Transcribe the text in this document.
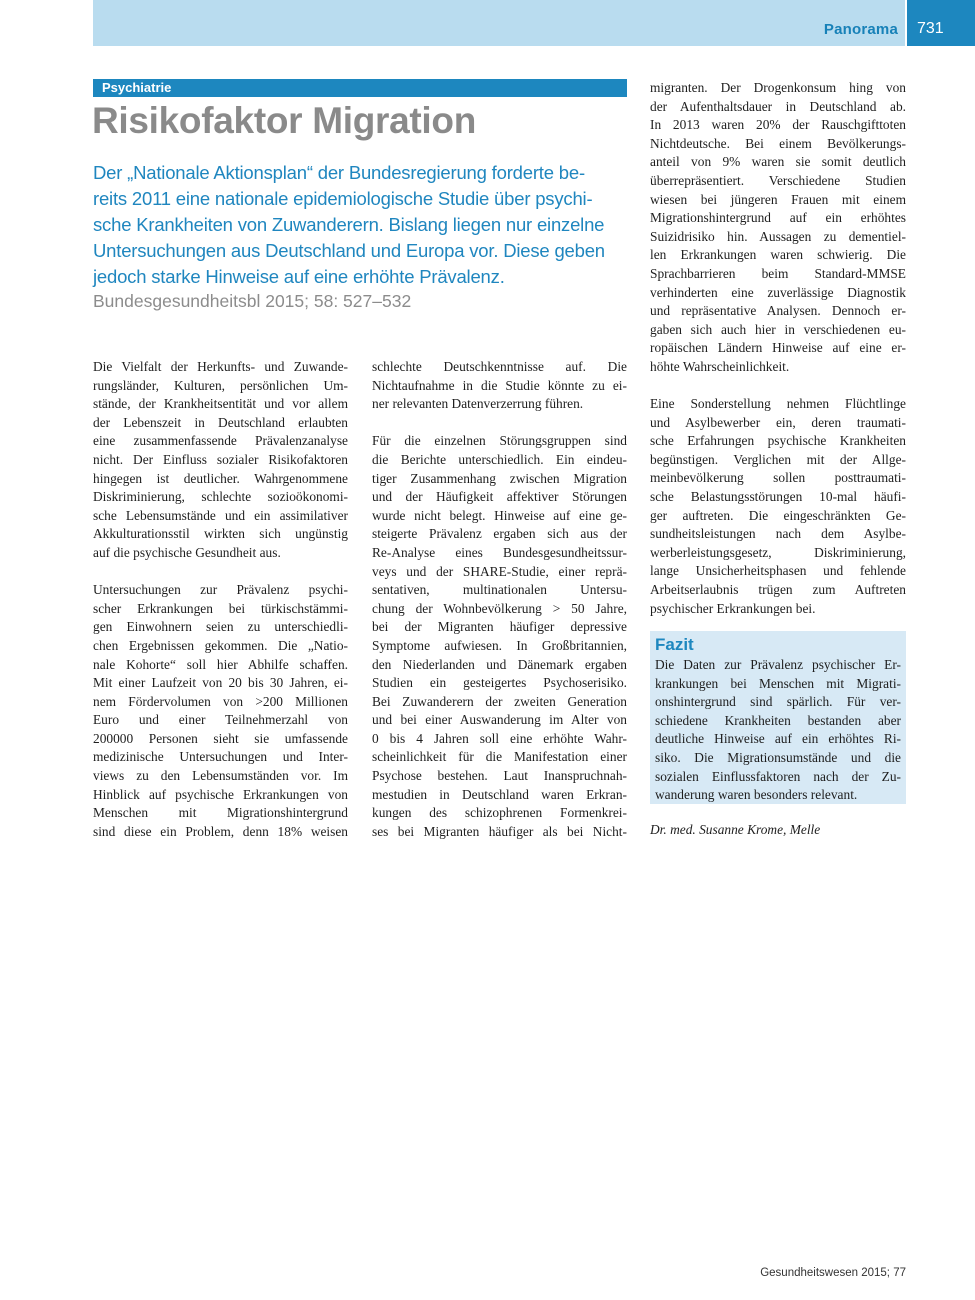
Panorama	731
Psychiatrie
Risikofaktor Migration

Der „Nationale Aktionsplan“ der Bundesregierung forderte be-

reits 2011 eine nationale epidemiologische Studie über psychi-

sche Krankheiten von Zuwanderern. Bislang liegen nur einzelne

Untersuchungen aus Deutschland und Europa vor. Diese geben

jedoch starke Hinweise auf eine erhöhte Prävalenz.

Bundesgesundheitsbl 2015; 58: 527–532

Die Vielfalt der Herkunfts- und Zuwande-
rungsländer, Kulturen, persönlichen Um-
stände, der Krankheitsentität und vor allem
der Lebenszeit in Deutschland erlaubten
eine zusammenfassende Prävalenzanalyse
nicht. Der Einfluss sozialer Risikofaktoren
hingegen ist deutlicher. Wahrgenommene
Diskriminierung, schlechte sozioökonomi-
sche Lebensumstände und ein assimilativer
Akkulturationsstil wirkten sich ungünstig
auf die psychische Gesundheit aus.

Untersuchungen zur Prävalenz psychi-
scher Erkrankungen bei türkischstämmi-
gen Einwohnern seien zu unterschiedli-
chen Ergebnissen gekommen. Die „Natio-
nale Kohorte“ soll hier Abhilfe schaffen.
Mit einer Laufzeit von 20 bis 30 Jahren, ei-
nem Fördervolumen von >200 Millionen
Euro und einer Teilnehmerzahl von
200000 Personen sieht sie umfassende
medizinische Untersuchungen und Inter-
views zu den Lebensumständen vor. Im
Hinblick auf psychische Erkrankungen von
Menschen mit Migrationshintergrund
sind diese ein Problem, denn 18% weisen

schlechte Deutschkenntnisse auf. Die
Nichtaufnahme in die Studie könnte zu ei-
ner relevanten Datenverzerrung führen.

Für die einzelnen Störungsgruppen sind
die Berichte unterschiedlich. Ein eindeu-
tiger Zusammenhang zwischen Migration
und der Häufigkeit affektiver Störungen
wurde nicht belegt. Hinweise auf eine ge-
steigerte Prävalenz ergaben sich aus der
Re-Analyse eines Bundesgesundheitssur-
veys und der SHARE-Studie, einer reprä-
sentativen, multinationalen Untersu-
chung der Wohnbevölkerung > 50 Jahre,
bei der Migranten häufiger depressive
Symptome aufwiesen. In Großbritannien,
den Niederlanden und Dänemark ergaben
Studien ein gesteigertes Psychoserisiko.
Bei Zuwanderern der zweiten Generation
und bei einer Auswanderung im Alter von
0 bis 4 Jahren soll eine erhöhte Wahr-
scheinlichkeit für die Manifestation einer
Psychose bestehen. Laut Inanspruchnah-
mestudien in Deutschland waren Erkran-
kungen des schizophrenen Formenkrei-
ses bei Migranten häufiger als bei Nicht-

migranten. Der Drogenkonsum hing von
der Aufenthaltsdauer in Deutschland ab.
In 2013 waren 20% der Rauschgifttoten
Nichtdeutsche. Bei einem Bevölkerungs-
anteil von 9% waren sie somit deutlich
überrepräsentiert. Verschiedene Studien
wiesen bei jüngeren Frauen mit einem
Migrationshintergrund auf ein erhöhtes
Suizidrisiko hin. Aussagen zu dementiel-
len Erkrankungen waren schwierig. Die
Sprachbarrieren beim Standard-MMSE
verhinderten eine zuverlässige Diagnostik
und repräsentative Analysen. Dennoch er-
gaben sich auch hier in verschiedenen eu-
ropäischen Ländern Hinweise auf eine er-
höhte Wahrscheinlichkeit.

Eine Sonderstellung nehmen Flüchtlinge
und Asylbewerber ein, deren traumati-
sche Erfahrungen psychische Krankheiten
begünstigen. Verglichen mit der Allge-
meinbevölkerung sollen posttraumati-
sche Belastungsstörungen 10-mal häufi-
ger auftreten. Die eingeschränkten Ge-
sundheitsleistungen nach dem Asylbe-
werberleistungsgesetz, Diskriminierung,
lange Unsicherheitsphasen und fehlende
Arbeitserlaubnis trügen zum Auftreten
psychischer Erkrankungen bei.

Fazit
Die Daten zur Prävalenz psychischer Er-
krankungen bei Menschen mit Migrati-
onshintergrund sind spärlich. Für ver-
schiedene Krankheiten bestanden aber
deutliche Hinweise auf ein erhöhtes Ri-
siko. Die Migrationsumstände und die
sozialen Einflussfaktoren nach der Zu-
wanderung waren besonders relevant.
Dr. med. Susanne Krome, Melle
Gesundheitswesen 2015; 77
